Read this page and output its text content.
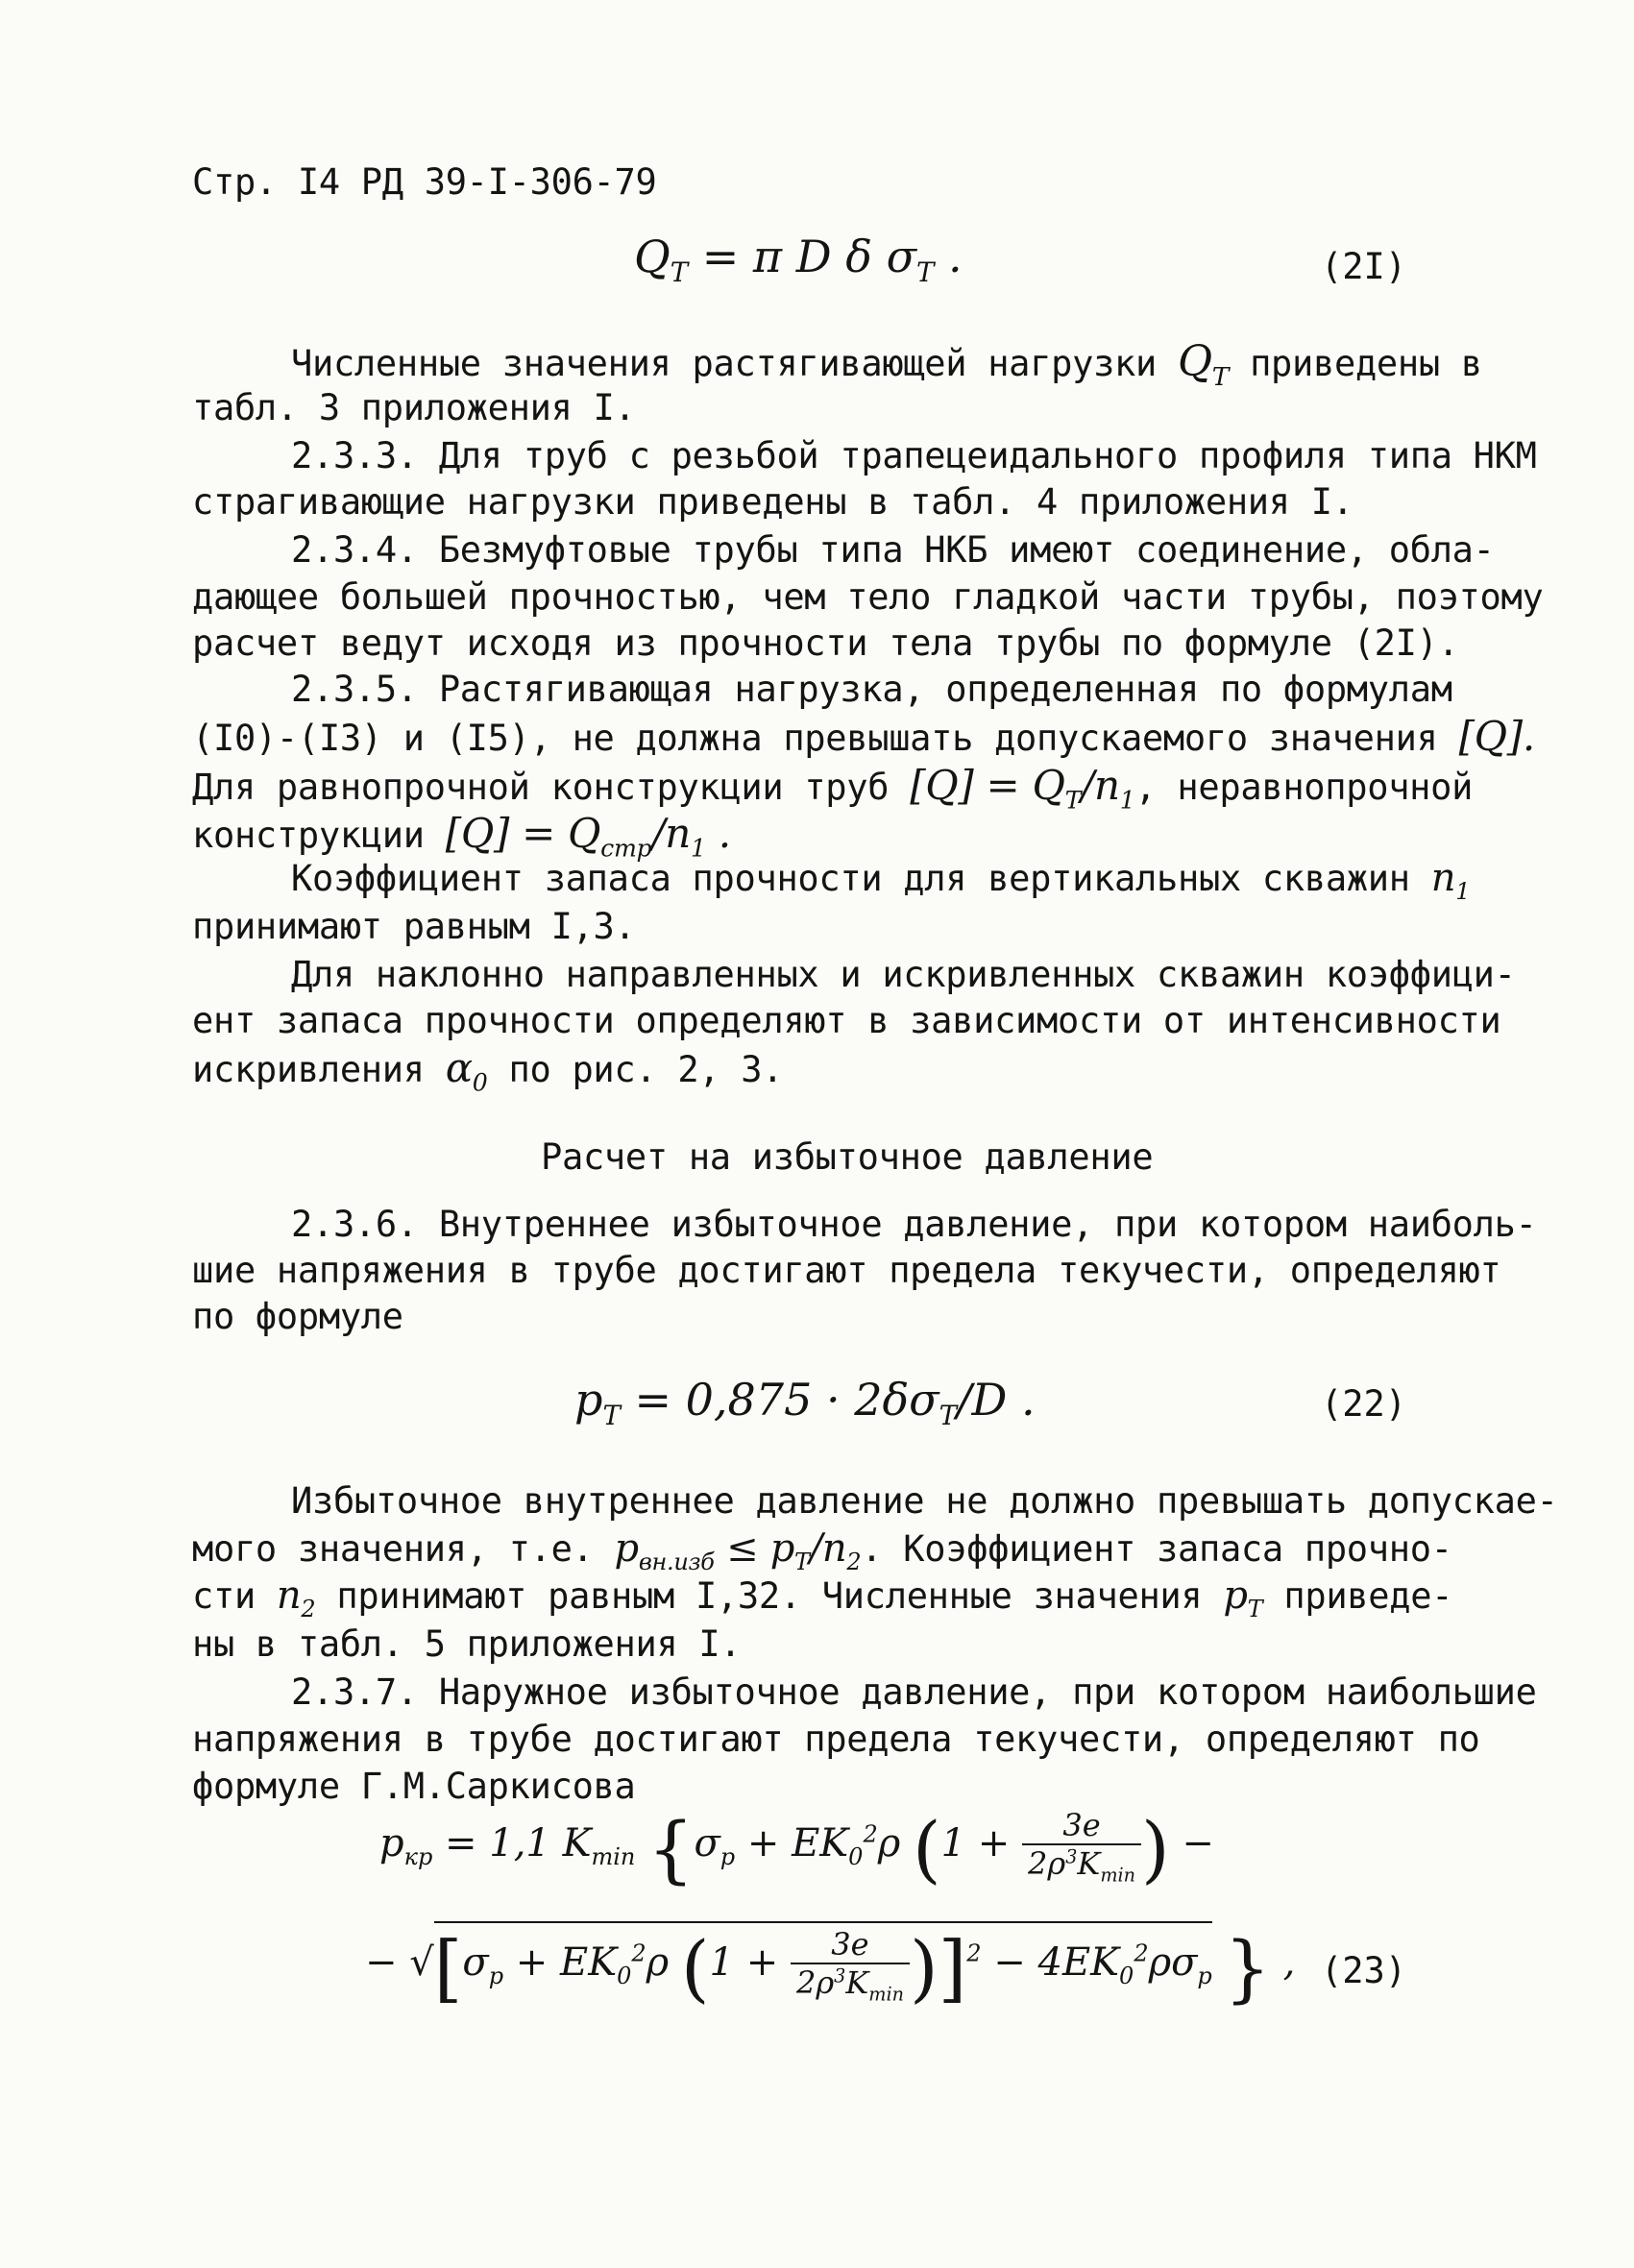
Стр. I4 РД 39-I-306-79
$Q_T = \pi$ D δ $\sigma_T$ .	(2I)
Численные значения растягивающей нагрузки $Q_T$ приведены в
табл. 3 приложения I.
2.3.3. Для труб с резьбой трапецеидального профиля типа НКМ
страгивающие нагрузки приведены в табл. 4 приложения I.
2.3.4. Безмуфтовые трубы типа НКБ имеют соединение, обла-
дающее большей прочностью, чем тело гладкой части трубы, поэтому
расчет ведут исходя из прочности тела трубы по формуле (2I).
2.3.5. Растягивающая нагрузка, определенная по формулам
(I0)-(I3) и (I5), не должна превышать допускаемого значения [Q].
Для равнопрочной конструкции труб $[Q] = Q_T/n_1$, неравнопрочной
конструкции $[Q] = Q_{стр}/n_1$ .
Коэффициент запаса прочности для вертикальных скважин $n_1$
принимают равным I,3.
Для наклонно направленных и искривленных скважин коэффици-
ент запаса прочности определяют в зависимости от интенсивности
искривления $\alpha_0$ по рис. 2, 3.
Расчет на избыточное давление
2.3.6. Внутреннее избыточное давление, при котором наиболь-
шие напряжения в трубе достигают предела текучести, определяют
по формуле
$p_T = 0,875 \cdot 2\delta\sigma_T/D$ .	(22)
Избыточное внутреннее давление не должно превышать допускае-
мого значения, т.е. $p_{вн.изб} \le p_T/n_2$. Коэффициент запаса прочно-
сти $n_2$ принимают равным I,32. Численные значения $p_T$ приведе-
ны в табл. 5 приложения I.
2.3.7. Наружное избыточное давление, при котором наибольшие
напряжения в трубе достигают предела текучести, определяют по
формуле Г.М.Саркисова
$p_{кр} = 1,1$ $K_{min}$ {$\sigma_p + EK_0^2\rho$ ($1 + \frac{3e}{2\rho^3K_{min}}$ ) −
− $√[\sigma_p + EK_0^2\rho$ $(1 + \frac{3e}{2\rho^3K_{min}} )]^2 - 4EK_0^2\rho\sigma_p$ } , (23)
